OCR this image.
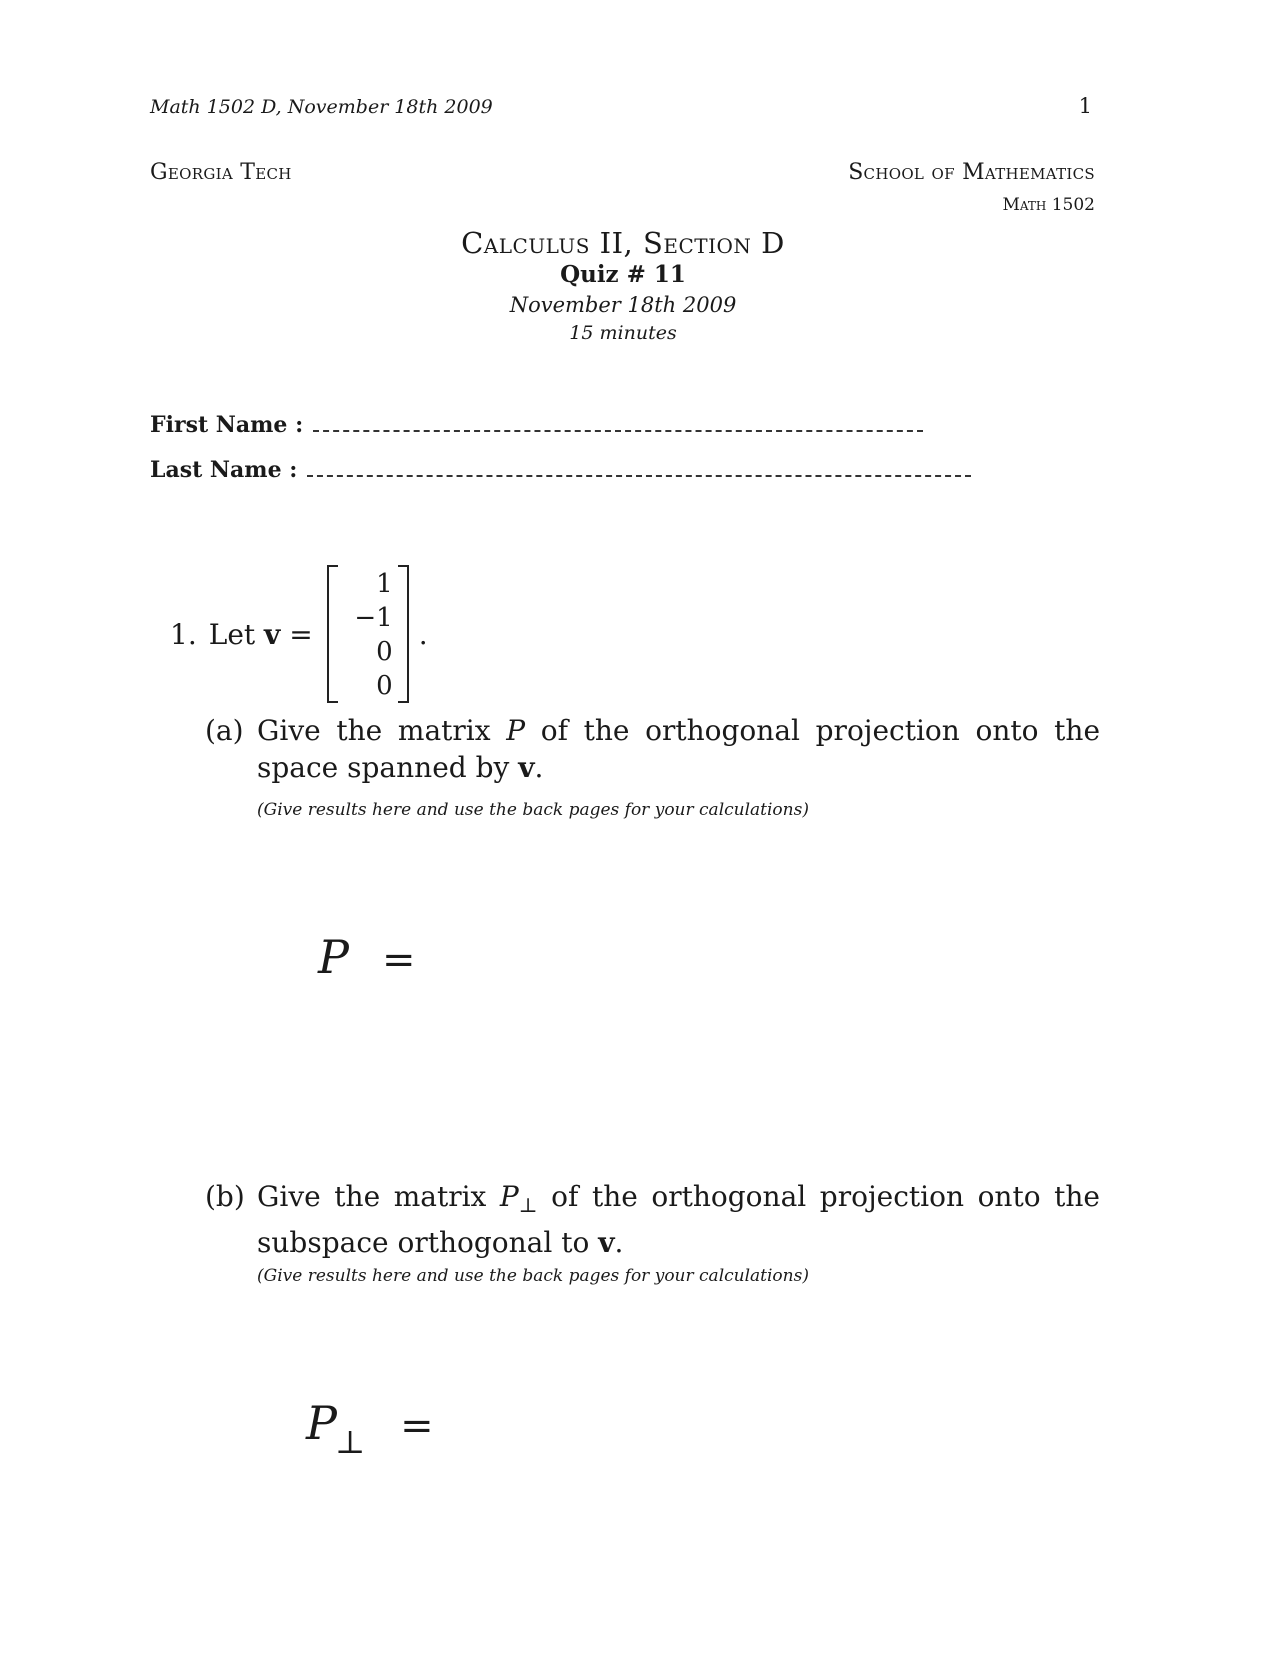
Math 1502 D, November 18th 2009	1
Georgia Tech	School of Mathematics
Math 1502
Calculus II, Section D
Quiz # 11
November 18th 2009
15 minutes
First Name :
Last Name :
1. Let
v
=
1
−1
0
0
.
(a) Give the matrix P of the orthogonal projection onto the space spanned by v.
(Give results here and use the back pages for your calculations)
P =
(b) Give the matrix $P_\perp$ of the orthogonal projection onto the subspace orthogonal to v.
(Give results here and use the back pages for your calculations)
P⊥ =
